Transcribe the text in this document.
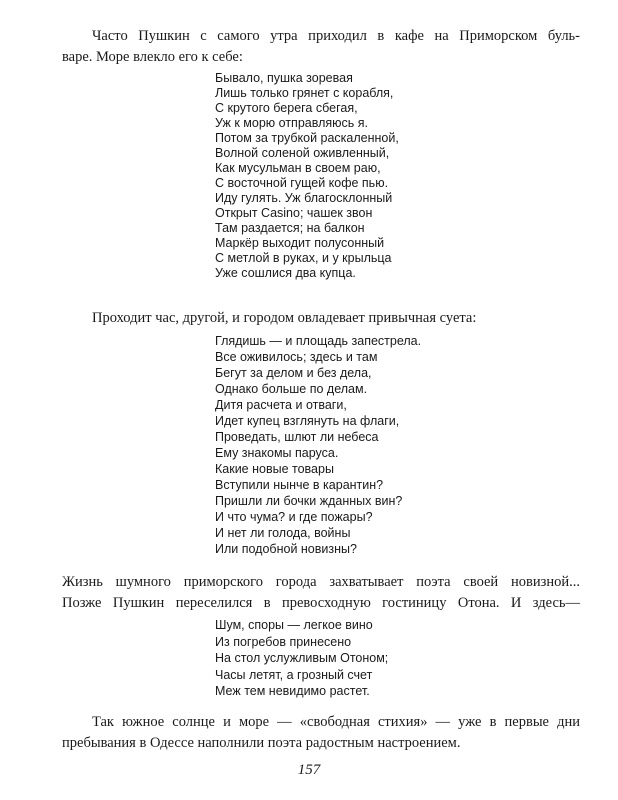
Часто Пушкин с самого утра приходил в кафе на Приморском буль-
варе. Море влекло его к себе:
Бывало, пушка зоревая
Лишь только грянет с корабля,
С крутого берега сбегая,
Уж к морю отправляюсь я.
Потом за трубкой раскаленной,
Волной соленой оживленный,
Как мусульман в своем раю,
С восточной гущей кофе пью.
Иду гулять. Уж благосклонный
Открыт Casino; чашек звон
Там раздается; на балкон
Маркёр выходит полусонный
С метлой в руках, и у крыльца
Уже сошлися два купца.
Проходит час, другой, и городом овладевает привычная суета:
Глядишь — и площадь запестрела.
Все оживилось; здесь и там
Бегут за делом и без дела,
Однако больше по делам.
Дитя расчета и отваги,
Идет купец взглянуть на флаги,
Проведать, шлют ли небеса
Ему знакомы паруса.
Какие новые товары
Вступили нынче в карантин?
Пришли ли бочки жданных вин?
И что чума? и где пожары?
И нет ли голода, войны
Или подобной новизны?
Жизнь шумного приморского города захватывает поэта своей новизной...
Позже Пушкин переселился в превосходную гостиницу Отона. И здесь—
Шум, споры — легкое вино
Из погребов принесено
На стол услужливым Отоном;
Часы летят, а грозный счет
Меж тем невидимо растет.
Так южное солнце и море — «свободная стихия» — уже в первые дни
пребывания в Одессе наполнили поэта радостным настроением.
157
